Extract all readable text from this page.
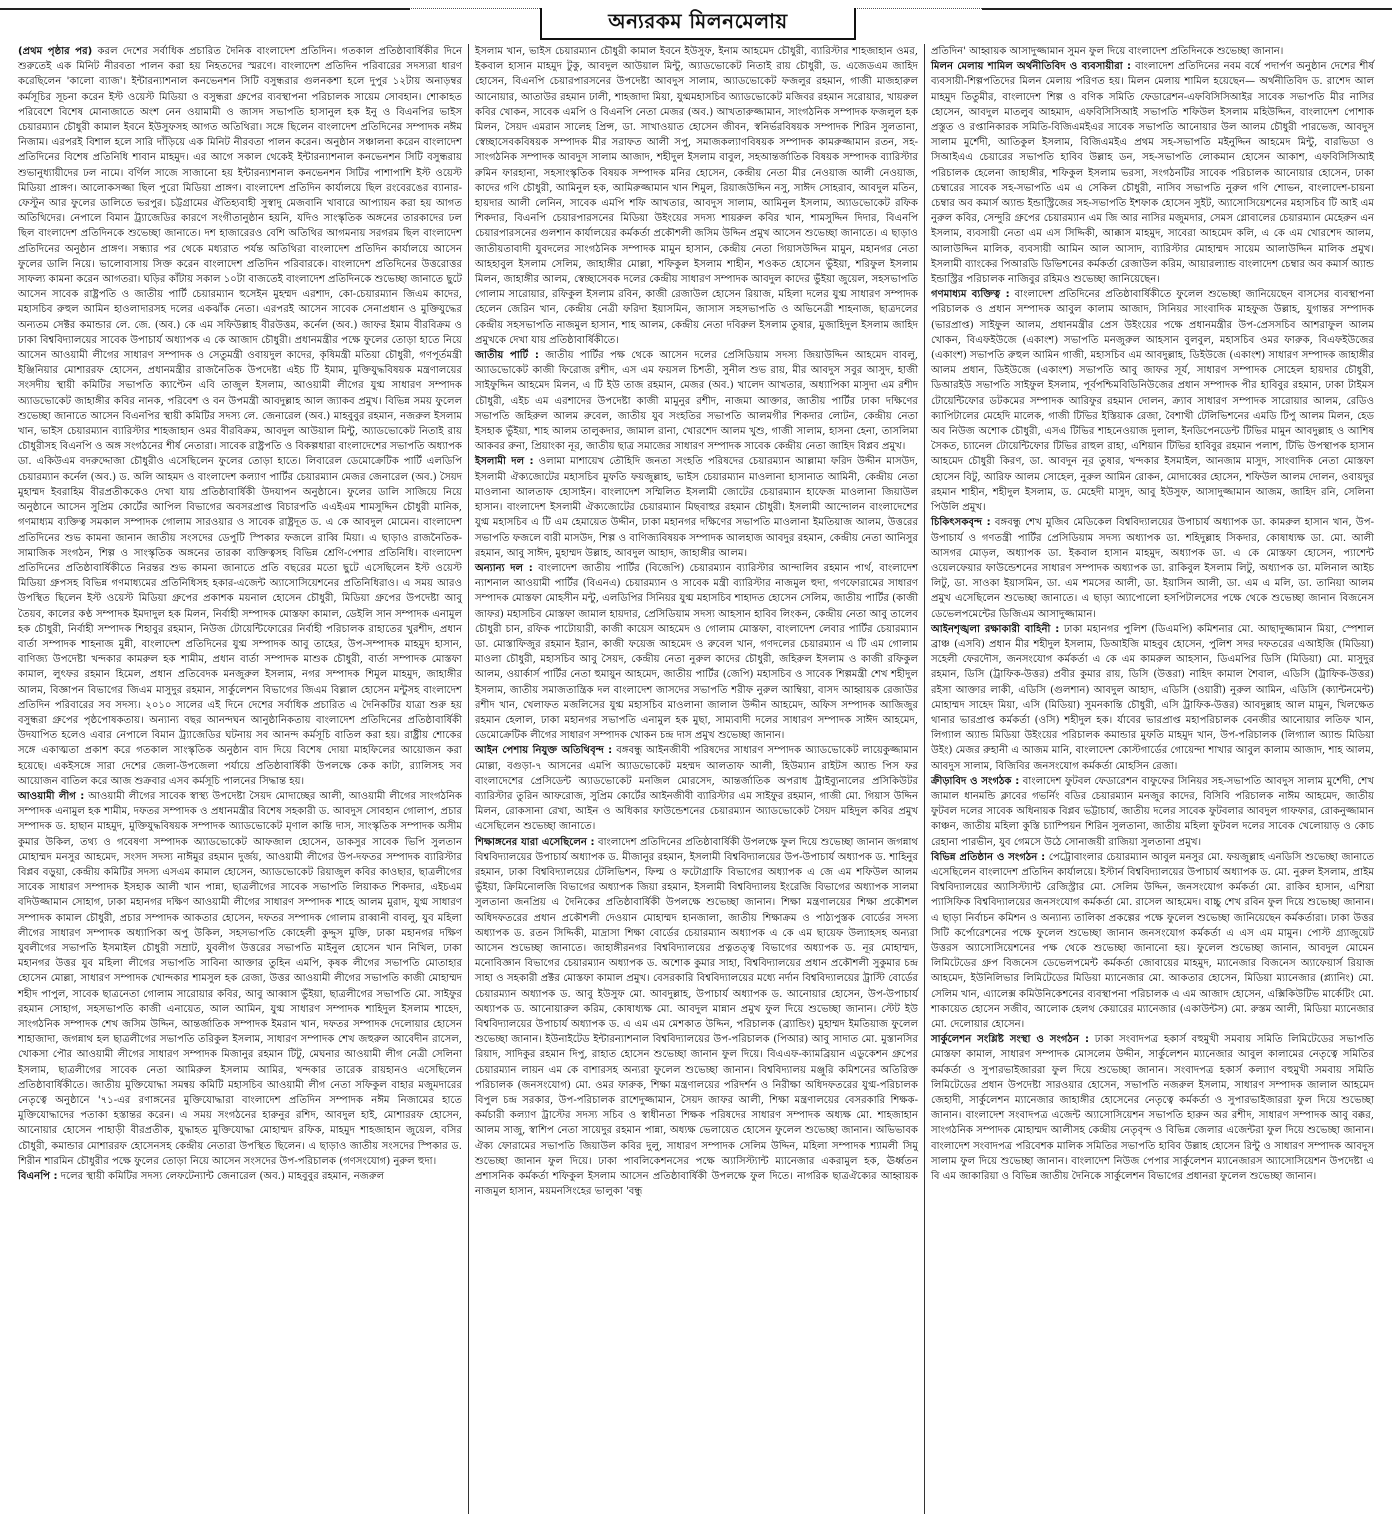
অন্যরকম মিলনমেলায়

(প্রথম পৃষ্ঠার পর) করল দেশের সর্বাধিক প্রচারিত দৈনিক বাংলাদেশ প্রতিদিন। গতকাল প্রতিষ্ঠাবার্ষিকীর দিনে শুরুতেই এক মিনিট নীরবতা পালন করা হয় নিহতদের স্মরণে। বাংলাদেশ প্রতিদিন পরিবারের সদস্যরা ধারণ করেছিলেন 'কালো ব্যাজ'। ইন্টারন্যাশনাল কনভেনশন সিটি বসুন্ধরার গুলনকশা হলে দুপুর ১২টায় অনাড়ম্বর কর্মসূচির সূচনা করেন ইস্ট ওয়েস্ট মিডিয়া ও বসুন্ধরা গ্রুপের ব্যবস্থাপনা পরিচালক সায়েম সোবহান। শোকাহত পরিবেশে বিশেষ মোনাজাতে অংশ নেন ওয়ামামী ও জাসদ সভাপতি হাসানুল হক ইনু ও বিএনপির ভাইস চেয়ারম্যান চৌধুরী কামাল ইবনে ইউসুফসহ আগত অতিথিরা। সঙ্গে ছিলেন বাংলাদেশ প্রতিদিনের সম্পাদক নঈম নিজাম। এরপরই বিশাল হলে সারি দাঁড়িয়ে এক মিনিট নীরবতা পালন করেন। অনুষ্ঠান সঞ্চালনা করেন বাংলাদেশ প্রতিদিনের বিশেষ প্রতিনিধি শাবান মাহমুদ। এর আগে সকাল থেকেই ইন্টারন্যাশনাল কনভেনশন সিটি বসুন্ধরায় শুভানুধ্যায়ীদের ঢল নামে। বর্ণিল সাজে সাজানো হয় ইন্টারন্যাশনাল কনভেনশন সিটির পাশাপাশি ইস্ট ওয়েস্ট মিডিয়া প্রাঙ্গণ। আলোকসজ্জা ছিল পুরো মিডিয়া প্রাঙ্গণ। বাংলাদেশ প্রতিদিন কার্যালয়ে ছিল রংবেরঙের ব্যানার-ফেস্টুন আর ফুলের ডালিতে ভরপুর। চট্টগ্রামের ঐতিহ্যবাহী সুস্বাদু মেজবানি খাবারে আপ্যায়ন করা হয় আগত অতিথিদের। নেপালে বিমান ট্র্যাজেডির কারণে সংগীতানুষ্ঠান হয়নি, যদিও সাংস্কৃতিক অঙ্গনের তারকাদের ঢল ছিল বাংলাদেশ প্রতিদিনকে শুভেচ্ছা জানাতে। দশ হাজারেরও বেশি অতিথির আগমনায় সরগরম ছিল বাংলাদেশ প্রতিদিনের অনুষ্ঠান প্রাঙ্গণ। সন্ধ্যার পর থেকে মধ্যরাত পর্যন্ত অতিথিরা বাংলাদেশ প্রতিদিন কার্যালয়ে আসেন ফুলের ডালি নিয়ে। ভালোবাসায় সিক্ত করেন বাংলাদেশ প্রতিদিন পরিবারকে। বাংলাদেশ প্রতিদিনের উত্তরোত্তর সাফল্য কামনা করেন আগতরা। ঘড়ির কাঁটায় সকাল ১০টা বাজতেই বাংলাদেশ প্রতিদিনকে শুভেচ্ছা জানাতে ছুটে আসেন সাবেক রাষ্ট্রপতি ও জাতীয় পার্টি চেয়ারম্যান হুসেইন মুহম্মদ এরশাদ, কো-চেয়ারম্যান জিএম কাদের, মহাসচিব রুহুল আমিন হাওলাদারসহ দলের একঝাঁক নেতা। এরপরই আসেন সাবেক সেনাপ্রধান ও মুক্তিযুদ্ধের অন্যতম সেক্টর কমান্ডার লে. জে. (অব.) কে এম সফিউল্লাহ বীরউত্তম, কর্নেল (অব.) জাফর ইমাম বীরবিক্রম ও ঢাকা বিশ্ববিদ্যালয়ের সাবেক উপাচার্য অধ্যাপক এ কে আজাদ চৌধুরী। প্রধানমন্ত্রীর পক্ষে ফুলের তোড়া হাতে নিয়ে আসেন আওয়ামী লীগের সাধারণ সম্পাদক ও সেতুমন্ত্রী ওবায়দুল কাদের, কৃষিমন্ত্রী মতিয়া চৌধুরী, গণপূর্তমন্ত্রী ইঞ্জিনিয়ার মোশাররফ হোসেন, প্রধানমন্ত্রীর রাজনৈতিক উপদেষ্টা এইচ টি ইমাম, মুক্তিযুদ্ধবিষয়ক মন্ত্রণালয়ের সংসদীয় স্থায়ী কমিটির সভাপতি ক্যাপ্টেন এবি তাজুল ইসলাম, আওয়ামী লীগের যুগ্ম সাধারণ সম্পাদক অ্যাডভোকেট জাহাঙ্গীর কবির নানক, পরিবেশ ও বন উপমন্ত্রী আবদুল্লাহ আল জ্যাকব প্রমুখ। বিভিন্ন সময় ফুলেল শুভেচ্ছা জানাতে আসেন বিএনপির স্থায়ী কমিটির সদস্য লে. জেনারেল (অব.) মাহবুবুর রহমান, নজরুল ইসলাম খান, ভাইস চেয়ারম্যান ব্যারিস্টার শাহজাহান ওমর বীরবিক্রম, আবদুল আউয়াল মিন্টু, অ্যাডভোকেট নিতাই রায় চৌধুরীসহ বিএনপি ও অঙ্গ সংগঠনের শীর্ষ নেতারা। সাবেক রাষ্ট্রপতি ও বিকল্পধারা বাংলাদেশের সভাপতি অধ্যাপক ডা. একিউএম বদরুদ্দোজা চৌধুরীও এসেছিলেন ফুলের তোড়া হাতে। লিবারেল ডেমোক্রেটিক পার্টি এলডিপি চেয়ারম্যান কর্নেল (অব.) ড. অলি আহমদ ও বাংলাদেশ কল্যাণ পার্টির চেয়ারম্যান মেজর জেনারেল (অব.) সৈয়দ মুহাম্মদ ইবরাহিম বীরপ্রতীককেও দেখা যায় প্রতিষ্ঠাবার্ষিকী উদযাপন অনুষ্ঠানে। ফুলের ডালি সাজিয়ে নিয়ে অনুষ্ঠানে আসেন সুপ্রিম কোর্টের আপিল বিভাগের অবসরপ্রাপ্ত বিচারপতি এএইএম শামসুদ্দিন চৌধুরী মানিক, গণমাধ্যম ব্যক্তিত্ব সমকাল সম্পাদক গোলাম সারওয়ার ও সাবেক রাষ্ট্রদূত ড. এ কে আবদুল মোমেন। বাংলাদেশ প্রতিদিনের শুভ কামনা জানান জাতীয় সংসদের ডেপুটি স্পিকার ফজলে রাব্বি মিয়া। এ ছাড়াও রাজনৈতিক-সামাজিক সংগঠন, শিল্প ও সাংস্কৃতিক অঙ্গনের তারকা ব্যক্তিত্বসহ বিভিন্ন শ্রেণি-পেশার প্রতিনিধি। বাংলাদেশ প্রতিদিনের প্রতিষ্ঠাবার্ষিকীতে নিরন্তর শুভ কামনা জানাতে প্রতি বছরের মতো ছুটে এসেছিলেন ইস্ট ওয়েস্ট মিডিয়া গ্রুপসহ বিভিন্ন গণমাধ্যমের প্রতিনিধিসহ হকার-এজেন্ট অ্যাসোসিয়েশনের প্রতিনিধিরাও। এ সময় আরও উপস্থিত ছিলেন ইস্ট ওয়েস্ট মিডিয়া গ্রুপের প্রকাশক ময়নাল হোসেন চৌধুরী, মিডিয়া গ্রুপের উপদেষ্টা আবু তৈয়ব, কালের কণ্ঠ সম্পাদক ইমদাদুল হক মিলন, নির্বাহী সম্পাদক মোস্তফা কামাল, ডেইলি সান সম্পাদক এনামুল হক চৌধুরী, নির্বাহী সম্পাদক শিহাবুর রহমান, নিউজ টোয়েন্টিফোরের নির্বাহী পরিচালক রাহাতের খুরশীদ, প্রধান বার্তা সম্পাদক শাহনাজ মুন্নী, বাংলাদেশ প্রতিদিনের যুগ্ম সম্পাদক আবু তাহের, উপ-সম্পাদক মাহমুদ হাসান, বাণিজ্য উপদেষ্টা খন্দকার কামরুল হক শামীম, প্রধান বার্তা সম্পাদক মাশুক চৌধুরী, বার্তা সম্পাদক মোস্তফা কামাল, লুৎফর রহমান হিমেল, প্রধান প্রতিবেদক মনজুরুল ইসলাম, নগর সম্পাদক শিমুল মাহমুদ, জাহাঙ্গীর আলম, বিজ্ঞাপন বিভাগের জিএম মাসুদুর রহমান, সার্কুলেশন বিভাগের জিএম বিল্লাল হোসেন মন্টুসহ বাংলাদেশ প্রতিদিন পরিবারের সব সদস্য। ২০১০ সালের এই দিনে দেশের সর্বাধিক প্রচারিত এ দৈনিকটির যাত্রা শুরু হয় বসুন্ধরা গ্রুপের পৃষ্ঠপোষকতায়। অন্যান্য বছর আনন্দঘন আনুষ্ঠানিকতায় বাংলাদেশ প্রতিদিনের প্রতিষ্ঠাবার্ষিকী উদযাপিত হলেও এবার নেপালে বিমান ট্র্যাজেডির ঘটনায় সব আনন্দ কর্মসূচি বাতিল করা হয়। রাষ্ট্রীয় শোকের সঙ্গে একাত্মতা প্রকাশ করে গতকাল সাংস্কৃতিক অনুষ্ঠান বাদ দিয়ে বিশেষ দোয়া মাহফিলের আয়োজন করা হয়েছে। একইসঙ্গে সারা দেশের জেলা-উপজেলা পর্যায়ে প্রতিষ্ঠাবার্ষিকী উপলক্ষে কেক কাটা, র‍্যালিসহ সব আয়োজন বাতিল করে আজ শুক্রবার এসব কর্মসূচি পালনের সিদ্ধান্ত হয়।

আওয়ামী লীগ : আওয়ামী লীগের সাবেক স্বাস্থ্য উপদেষ্টা সৈয়দ মোদাচ্ছের আলী, আওয়ামী লীগের সাংগঠনিক সম্পাদক এনামুল হক শামীম, দফতর সম্পাদক ও প্রধানমন্ত্রীর বিশেষ সহকারী ড. আবদুস সোবহান গোলাপ, প্রচার সম্পাদক ড. হাছান মাহমুদ, মুক্তিযুদ্ধবিষয়ক সম্পাদক অ্যাডভোকেট মৃণাল কান্তি দাস, সাংস্কৃতিক সম্পাদক অসীম কুমার উকিল, তথ্য ও গবেষণা সম্পাদক অ্যাডভোকেট আফজাল হোসেন, ডাকসুর সাবেক ভিপি সুলতান মোহাম্মদ মনসুর আহমেদ, সংসদ সদস্য নাঈমুর রহমান দুর্জয়, আওয়ামী লীগের উপ-দফতর সম্পাদক ব্যারিস্টার বিপ্লব বড়ুয়া, কেন্দ্রীয় কমিটির সদস্য এসএম কামাল হোসেন, অ্যাডভোকেট রিয়াজুল কবির কাওছার, ছাত্রলীগের সাবেক সাধারণ সম্পাদক ইসহাক আলী খান পান্না, ছাত্রলীগের সাবেক সভাপতি লিয়াকত শিকদার, এইচএম বদিউজ্জামান সোহাগ, ঢাকা মহানগর দক্ষিণ আওয়ামী লীগের সাধারণ সম্পাদক শাহে আলম মুরাদ, যুগ্ম সাধারণ সম্পাদক কামাল চৌধুরী, প্রচার সম্পাদক আকতার হোসেন, দফতর সম্পাদক গোলাম রাব্বানী বাবলু, যুব মহিলা লীগের সাধারণ সম্পাদক অধ্যাপিকা অপু উকিল, সহসভাপতি কোহেলী কুদ্দুস মুক্তি, ঢাকা মহানগর দক্ষিণ যুবলীগের সভাপতি ইসমাইল চৌধুরী সম্রাট, যুবলীগ উত্তরের সভাপতি মাইনুল হোসেন খান নিখিল, ঢাকা মহানগর উত্তর যুব মহিলা লীগের সভাপতি সাবিনা আক্তার তুহিন এমপি, কৃষক লীগের সভাপতি মোতাহার হোসেন মোল্লা, সাধারণ সম্পাদক খোন্দকার শামসুল হক রেজা, উত্তর আওয়ামী লীগের সভাপতি কাজী মোহাম্মদ শহীদ পাপুল, সাবেক ছাত্রনেতা গোলাম সারোয়ার কবির, আবু আব্বাস ভুঁইয়া, ছাত্রলীগের সভাপতি মো. সাইফুর রহমান সোহাগ, সহসভাপতি কাজী এনায়েত, আল আমিন, যুগ্ম সাধারণ সম্পাদক শাহিদুল ইসলাম শাহেদ, সাংগঠনিক সম্পাদক শেখ জসিম উদ্দিন, আন্তর্জাতিক সম্পাদক ইমরান খান, দফতর সম্পাদক দেলোয়ার হোসেন শাহাজাদা, জগন্নাথ হল ছাত্রলীগের সভাপতি তরিকুল ইসলাম, সাধারণ সম্পাদক শেখ জহুরুল আবেদীন রাসেল, খোকসা পৌর আওয়ামী লীগের সাধারণ সম্পাদক মিজানুর রহমান টিটু, মেঘনার আওয়ামী লীগ নেত্রী সেলিনা ইসলাম, ছাত্রলীগের সাবেক নেতা আমিরুল ইসলাম আমির, খন্দকার তারেক রায়হানও এসেছিলেন প্রতিষ্ঠাবার্ষিকীতে। জাতীয় মুক্তিযোদ্ধা সমন্বয় কমিটি মহাসচিব আওয়ামী লীগ নেতা সফিকুল বাহার মজুমদারের নেতৃত্বে অনুষ্ঠানে '৭১-এর রণাঙ্গনের মুক্তিযোদ্ধারা বাংলাদেশ প্রতিদিন সম্পাদক নঈম নিজামের হাতে মুক্তিযোদ্ধাদের পতাকা হস্তান্তর করেন। এ সময় সংগঠনের হারুনুর রশিদ, আবদুল হাই, মোশাররফ হোসেন, আনোয়ার হোসেন পাহাড়ী বীরপ্রতীক, যুদ্ধাহত মুক্তিযোদ্ধা মোহাম্মদ রফিক, মাহমুদ শাহজাহান জুয়েল, বসির চৌধুরী, কমান্ডার মোশাররফ হোসেনসহ কেন্দ্রীয় নেতারা উপস্থিত ছিলেন। এ ছাড়াও জাতীয় সংসদের স্পিকার ড. শিরীন শারমিন চৌধুরীর পক্ষে ফুলের তোড়া নিয়ে আসেন সংসদের উপ-পরিচালক (গণসংযোগ) নুরুল হুদা।

বিএনপি : দলের স্থায়ী কমিটির সদস্য লেফটেন্যান্ট জেনারেল (অব.) মাহবুবুর রহমান, নজরুল

ইসলাম খান, ভাইস চেয়ারম্যান চৌধুরী কামাল ইবনে ইউসুফ, ইনাম আহমেদ চৌধুরী, ব্যারিস্টার শাহজাহান ওমর, ইকবাল হাসান মাহমুদ টুকু, আবদুল আউয়াল মিন্টু, অ্যাডভোকেট নিতাই রায় চৌধুরী, ড. এজেডএম জাহিদ হোসেন, বিএনপি চেয়ারপারসনের উপদেষ্টা আবদুস সালাম, অ্যাডভোকেট ফজলুর রহমান, গাজী মাজহারুল আনোয়ার, আতাউর রহমান ঢালী, শাহজাদা মিয়া, যুগ্মমহাসচিব অ্যাডভোকেট মজিবর রহমান সরোয়ার, খায়রুল কবির খোকন, সাবেক এমপি ও বিএনপি নেতা মেজর (অব.) আখতারুজ্জামান, সাংগঠনিক সম্পাদক ফজলুল হক মিলন, সৈয়দ এমরান সালেহ প্রিন্স, ডা. সাখাওয়াত হোসেন জীবন, স্বনির্ভরবিষয়ক সম্পাদক শিরিন সুলতানা, স্বেচ্ছাসেবকবিষয়ক সম্পাদক মীর সরাফত আলী সপু, সমাজকল্যাণবিষয়ক সম্পাদক কামরুজ্জামান রতন, সহ-সাংগঠনিক সম্পাদক আবদুস সালাম আজাদ, শহীদুল ইসলাম বাবুল, সহআন্তর্জাতিক বিষয়ক সম্পাদক ব্যারিস্টার রুমিন ফারহানা, সহসাংস্কৃতিক বিষয়ক সম্পাদক মনির হোসেন, কেন্দ্রীয় নেতা মীর নেওয়াজ আলী নেওয়াজ, কাদের গণি চৌধুরী, আমিনুল হক, আমিরুজ্জামান খান শিমুল, রিয়াজউদ্দিন নসু, সাঈদ সোহরাব, আবদুল মতিন, হায়দার আলী লেনিন, সাবেক এমপি শফি আখতার, আবদুস সালাম, আমিনুল ইসলাম, অ্যাডভোকেট রফিক শিকদার, বিএনপি চেয়ারপারসনের মিডিয়া উইংয়ের সদস্য শায়রুল কবির খান, শামসুদ্দিন দিদার, বিএনপি চেয়ারপারসনের গুলশান কার্যালয়ের কর্মকর্তা প্রকৌশলী জসিম উদ্দিন প্রমুখ আসেন শুভেচ্ছা জানাতে। এ ছাড়াও জাতীয়তাবাদী যুবদলের সাংগঠনিক সম্পাদক মামুন হাসান, কেন্দ্রীয় নেতা গিয়াসউদ্দিন মামুন, মহানগর নেতা আহহাবুল ইসলাম সেলিম, জাহাঙ্গীর মোল্লা, শফিকুল ইসলাম শাহীন, শওকত হোসেন ভুঁইয়া, শরিফুল ইসলাম মিলন, জাহাঙ্গীর আলম, স্বেচ্ছাসেবক দলের কেন্দ্রীয় সাধারণ সম্পাদক আবদুল কাদের ভুঁইয়া জুয়েল, সহসভাপতি গোলাম সারোয়ার, রফিকুল ইসলাম রবিন, কাজী রেজাউল হোসেন রিয়াজ, মহিলা দলের যুগ্ম সাধারণ সম্পাদক হেলেন জেরিন খান, কেন্দ্রীয় নেত্রী ফরিদা ইয়াসমিন, জাসাস সহসভাপতি ও অভিনেত্রী শাহনাজ, ছাত্রদলের কেন্দ্রীয় সহসভাপতি নাজমুল হাসান, শাহ আলম, কেন্দ্রীয় নেতা দবিরুল ইসলাম তুষার, মুজাহিদুল ইসলাম জাহিদ প্রমুখকে দেখা যায় প্রতিষ্ঠাবার্ষিকীতে।

জাতীয় পার্টি : জাতীয় পার্টির পক্ষ থেকে আসেন দলের প্রেসিডিয়াম সদস্য জিয়াউদ্দিন আহমেদ বাবলু, অ্যাডভোকেট কাজী ফিরোজ রশীদ, এস এম ফয়সল চিশতী, সুনীল শুভ রায়, মীর আবদুস সবুর আসুদ, হাজী সাইফুদ্দিন আহমেদ মিলন, এ টি ইউ তাজ রহমান, মেজর (অব.) খালেদ আখতার, অধ্যাপিকা মাসুদা এম রশীদ চৌধুরী, এইচ এম এরশাদের উপদেষ্টা কাজী মামুনুর রশীদ, নাজমা আক্তার, জাতীয় পার্টির ঢাকা দক্ষিণের সভাপতি জহিরুল আলম রুবেল, জাতীয় যুব সংহতির সভাপতি আলমগীর শিকদার লোটন, কেন্দ্রীয় নেতা ইসহাক ভুঁইয়া, শাহ আলম তালুকদার, জামাল রানা, খোরশেদ আলম খুশু, গাজী সালাম, হাসনা হেনা, তাসলিমা আকবর রুনা, প্রিয়াংকা নূর, জাতীয় ছাত্র সমাজের সাধারণ সম্পাদক সাবেক কেন্দ্রীয় নেতা জাহিদ বিপ্লব প্রমুখ।

ইসলামী দল : ওলামা মাশায়েখ তৌহিদি জনতা সংহতি পরিষদের চেয়ারম্যান আল্লামা ফরিদ উদ্দীন মাসউদ, ইসলামী ঐক্যজোটের মহাসচিব মুফতি ফয়জুল্লাহ, ভাইস চেয়ারম্যান মাওলানা হাসানাত আমিনী, কেন্দ্রীয় নেতা মাওলানা আলতাফ হোসাইন। বাংলাদেশ সম্মিলিত ইসলামী জোটের চেয়ারম্যান হাফেজ মাওলানা জিয়াউল হাসান। বাংলাদেশ ইসলামী ঐক্যজোটের চেয়ারম্যান মিছবাহুর রহমান চৌধুরী। ইসলামী আন্দোলন বাংলাদেশের যুগ্ম মহাসচিব এ টি এম হেমায়েত উদ্দীন, ঢাকা মহানগর দক্ষিণের সভাপতি মাওলানা ইমতিয়াজ আলম, উত্তরের সভাপতি ফজলে বারী মাসউদ, শিল্প ও বাণিজ্যবিষয়ক সম্পাদক আলহাজ আবদুর রহমান, কেন্দ্রীয় নেতা আনিসুর রহমান, আবু সাঈদ, মুহাম্মদ উল্লাহ, আবদুল আহাদ, জাহাঙ্গীর আলম।

অন্যান্য দল : বাংলাদেশ জাতীয় পার্টির (বিজেপি) চেয়ারম্যান ব্যারিস্টার আন্দালিব রহমান পার্থ, বাংলাদেশ ন্যাশনাল আওয়ামী পার্টির (বিএনএ) চেয়ারম্যান ও সাবেক মন্ত্রী ব্যারিস্টার নাজমুল হুদা, গণফোরামের সাধারণ সম্পাদক মোস্তফা মোহসীন মন্টু, এলডিপির সিনিয়র যুগ্ম মহাসচিব শাহাদত হোসেন সেলিম, জাতীয় পার্টির (কাজী জাফর) মহাসচিব মোস্তফা জামাল হায়দার, প্রেসিডিয়াম সদস্য আহসান হাবিব লিংকন, কেন্দ্রীয় নেতা আবু তালেব চৌধুরী চান, রফিক পাটোয়ারী, কাজী কায়েস আহমেদ ও গোলাম মোস্তফা, বাংলাদেশ লেবার পার্টির চেয়ারম্যান ডা. মোস্তাফিজুর রহমান ইরান, কাজী ফয়েজ আহমেদ ও রুবেল খান, গণদলের চেয়ারম্যান এ টি এম গোলাম মাওলা চৌধুরী, মহাসচিব আবু সৈয়দ, কেন্দ্রীয় নেতা নুরুল কাদের চৌধুরী, জহিরুল ইসলাম ও কাজী রফিকুল আলম, ওয়ার্কার্স পার্টির নেতা হুমায়ুন আহমেদ, জাতীয় পার্টির (জেপি) মহাসচিব ও সাবেক শিল্পমন্ত্রী শেখ শহীদুল ইসলাম, জাতীয় সমাজতান্ত্রিক দল বাংলাদেশ জাসদের সভাপতি শরীফ নুরুল আম্বিয়া, বাসদ আহ্বায়ক রেজাউর রশীদ খান, খেলাফত মজলিসের যুগ্ম মহাসচিব মাওলানা জালাল উদ্দীন আহমেদ, অফিস সম্পাদক আজিজুর রহমান হেলাল, ঢাকা মহানগর সভাপতি এনামুল হক মুছা, সাম্যবাদী দলের সাধারণ সম্পাদক সাঈদ আহমেদ, ডেমোক্রেটিক লীগের সাধারণ সম্পাদক খোকন চন্দ্র দাস প্রমুখ শুভেচ্ছা জানান।

আইন পেশায় নিযুক্ত অতিথিবৃন্দ : বঙ্গবন্ধু আইনজীবী পরিষদের সাধারণ সম্পাদক অ্যাডভোকেট লায়েকুজ্জামান মোল্লা, বগুড়া-৭ আসনের এমপি অ্যাডভোকেট মহম্মদ আলতাফ আলী, হিউম্যান রাইটস অ্যান্ড পিস ফর বাংলাদেশের প্রেসিডেন্ট অ্যাডভোকেট মনজিল মোরসেদ, আন্তর্জাতিক অপরাধ ট্রাইব্যুনালের প্রসিকিউটর ব্যারিস্টার তুরিন আফরোজ, সুপ্রিম কোর্টের আইনজীবী ব্যারিস্টার এম সাইফুর রহমান, গাজী মো. গিয়াস উদ্দিন মিলন, রোকসানা রেখা, আইন ও অধিকার ফাউন্ডেশনের চেয়ারম্যান অ্যাডভোকেট সৈয়দ মহিদুল কবির প্রমুখ এসেছিলেন শুভেচ্ছা জানাতে।

শিক্ষাঙ্গনের যারা এসেছিলেন : বাংলাদেশ প্রতিদিনের প্রতিষ্ঠাবার্ষিকী উপলক্ষে ফুল দিয়ে শুভেচ্ছা জানান জগন্নাথ বিশ্ববিদ্যালয়ের উপাচার্য অধ্যাপক ড. মীজানুর রহমান, ইসলামী বিশ্ববিদ্যালয়ের উপ-উপাচার্য অধ্যাপক ড. শাহিনুর রহমান, ঢাকা বিশ্ববিদ্যালয়ের টেলিভিশন, ফিল্ম ও ফটোগ্রাফি বিভাগের অধ্যাপক এ জে এম শফিউল আলম ভুঁইয়া, ক্রিমিনোলজি বিভাগের অধ্যাপক জিয়া রহমান, ইসলামী বিশ্ববিদ্যালয় ইংরেজি বিভাগের অধ্যাপক সালমা সুলতানা জনপ্রিয় এ দৈনিকের প্রতিষ্ঠাবার্ষিকী উপলক্ষে শুভেচ্ছা জানান। শিক্ষা মন্ত্রণালয়ের শিক্ষা প্রকৌশল অধিদফতরের প্রধান প্রকৌশলী দেওয়ান মোহাম্মদ হানজালা, জাতীয় শিক্ষাক্রম ও পাঠ্যপুস্তক বোর্ডের সদস্য অধ্যাপক ড. রতন সিদ্দিকী, মাদ্রাসা শিক্ষা বোর্ডের চেয়ারম্যান অধ্যাপক এ কে এম ছায়েফ উল্যাহসহ অন্যরা আসেন শুভেচ্ছা জানাতে। জাহাঙ্গীরনগর বিশ্ববিদ্যালয়ের প্রত্নতত্ত্ব বিভাগের অধ্যাপক ড. নূর মোহাম্মদ, মনোবিজ্ঞান বিভাগের চেয়ারম্যান অধ্যাপক ড. অশোক কুমার সাহা, বিশ্ববিদ্যালয়ের প্রধান প্রকৌশলী সুকুমার চন্দ্র সাহা ও সহকারী প্রক্টর মোস্তফা কামাল প্রমুখ। বেসরকারি বিশ্ববিদ্যালয়ের মধ্যে নর্দান বিশ্ববিদ্যালয়ের ট্রাস্টি বোর্ডের চেয়ারম্যান অধ্যাপক ড. আবু ইউসুফ মো. আবদুল্লাহ, উপাচার্য অধ্যাপক ড. আনোয়ার হোসেন, উপ-উপাচার্য অধ্যাপক ড. আনোয়ারুল করিম, কোষাধ্যক্ষ মো. আবদুল মান্নান প্রমুখ ফুল দিয়ে শুভেচ্ছা জানান। স্টেট ইউ বিশ্ববিদ্যালয়ের উপাচার্য অধ্যাপক ড. এ এম এম মেশকাত উদ্দিন, পরিচালক (ব্র্যান্ডিং) মুহাম্মদ ইমতিয়াজ ফুলেল শুভেচ্ছা জানান। ইউনাইটেড ইন্টারন্যাশনাল বিশ্ববিদ্যালয়ের উপ-পরিচালক (পিআর) আবু সাদাত মো. মুস্তানসির রিয়াদ, সাদিকুর রহমান দিপু, রাহাত হোসেন শুভেচ্ছা জানান ফুল দিয়ে। বিএএফ-ক্যামব্রিয়ান এডুকেশন গ্রুপের চেয়ারম্যান লায়ন এম কে বাশারসহ অন্যরা ফুলেল শুভেচ্ছা জানান। বিশ্ববিদ্যালয় মঞ্জুরি কমিশনের অতিরিক্ত পরিচালক (জনসংযোগ) মো. ওমর ফারুক, শিক্ষা মন্ত্রণালয়ের পরিদর্শন ও নিরীক্ষা অধিদফতরের যুগ্ম-পরিচালক বিপুল চন্দ্র সরকার, উপ-পরিচালক রাশেদুজ্জামান, সৈয়দ জাফর আলী, শিক্ষা মন্ত্রণালয়ের বেসরকারি শিক্ষক-কর্মচারী কল্যাণ ট্রাস্টের সদস্য সচিব ও স্বাধীনতা শিক্ষক পরিষদের সাধারণ সম্পাদক অধ্যক্ষ মো. শাহজাহান আলম সাজু, স্বাশিপ নেতা সায়েদুর রহমান পান্না, অধ্যক্ষ ভেলায়েত হোসেন ফুলেল শুভেচ্ছা জানান। অভিভাবক ঐক্য ফোরামের সভাপতি জিয়াউল কবির দুলু, সাধারণ সম্পাদক সেলিম উদ্দিন, মহিলা সম্পাদক শ্যামলী সিমু শুভেচ্ছা জানান ফুল দিয়ে। ঢাকা পাবলিকেশনসের পক্ষে অ্যাসিস্ট্যান্ট ম্যানেজার একরামুল হক, ঊর্ধ্বতন প্রশাসনিক কর্মকর্তা শফিকুল ইসলাম আসেন প্রতিষ্ঠাবার্ষিকী উপলক্ষে ফুল দিতে। নাগরিক ছাত্রঐক্যের আহ্বায়ক নাজমুল হাসান, ময়মনসিংহের ভালুকা 'বন্ধু

প্রতিদিন' আহ্বায়ক আসাদুজ্জামান সুমন ফুল দিয়ে বাংলাদেশ প্রতিদিনকে শুভেচ্ছা জানান।

মিলন মেলায় শামিল অর্থনীতিবিদ ও ব্যবসায়ীরা : বাংলাদেশ প্রতিদিনের নবম বর্ষে পদার্পণ অনুষ্ঠান দেশের শীর্ষ ব্যবসায়ী-শিল্পপতিদের মিলন মেলায় পরিণত হয়। মিলন মেলায় শামিল হয়েছেন— অর্থনীতিবিদ ড. রাশেদ আল মাহমুদ তিতুমীর, বাংলাদেশ শিল্প ও বণিক সমিতি ফেডারেশন-এফবিসিসিআইর সাবেক সভাপতি মীর নাসির হোসেন, আবদুল মাতলুব আহমাদ, এফবিসিসিআই সভাপতি শফিউল ইসলাম মহিউদ্দিন, বাংলাদেশ পোশাক প্রস্তুত ও রপ্তানিকারক সমিতি-বিজিএমইএর সাবেক সভাপতি আনোয়ার উল আলম চৌধুরী পারভেজ, আবদুস সালাম মুর্শেদী, আতিকুল ইসলাম, বিজিএমইএ প্রথম সহ-সভাপতি মইনুদ্দিন আহমেদ মিন্টু, বারভিডা ও সিআইএএ চেয়ারের সভাপতি হাবিব উল্লাহ ডন, সহ-সভাপতি লোকমান হোসেন আকাশ, এফবিসিসিআই পরিচালক হেলেনা জাহাঙ্গীর, শফিকুল ইসলাম ভরসা, সংগঠনটির সাবেক পরিচালক আনোয়ার হোসেন, ঢাকা চেম্বারের সাবেক সহ-সভাপতি এম এ সেকিল চৌধুরী, নাসিব সভাপতি নুরুল গণি শোভন, বাংলাদেশ-চায়না চেম্বার অব কমার্স অ্যান্ড ইন্ডাস্ট্রিজের সহ-সভাপতি ইশফাক হোসেন সুইট, অ্যাসোসিয়েশনের মহাসচিব টি আই এম নুরুল কবির, সেন্দুরি গ্রুপের চেয়ারম্যান এম জি আর নাসির মজুমদার, সেমস গ্লোবালের চেয়ারম্যান মেহেরুন এন ইসলাম, ব্যবসায়ী নেতা এম এস সিদ্দিকী, আক্কাস মাহমুদ, সাবেরা আহমেদ কলি, এ কে এম খোরশেদ আলম, আলাউদ্দিন মালিক, ব্যবসায়ী আমিন আল আসাদ, ব্যারিস্টার মোহাম্মদ সায়েম আলাউদ্দিন মালিক প্রমুখ। ইসলামী ব্যাংকের পিআরডি ডিভিশনের কর্মকর্তা রেজাউল করিম, আয়ারল্যান্ড বাংলাদেশ চেম্বার অব কমার্স অ্যান্ড ইন্ডাস্ট্রির পরিচালক নাজিবুর রহিমও শুভেচ্ছা জানিয়েছেন।

গণমাধ্যম ব্যক্তিত্ব : বাংলাদেশ প্রতিদিনের প্রতিষ্ঠাবার্ষিকীতে ফুলেল শুভেচ্ছা জানিয়েছেন বাসসের ব্যবস্থাপনা পরিচালক ও প্রধান সম্পাদক আবুল কালাম আজাদ, সিনিয়র সাংবাদিক মাহফুজ উল্লাহ, যুগান্তর সম্পাদক (ভারপ্রাপ্ত) সাইফুল আলম, প্রধানমন্ত্রীর প্রেস উইংয়ের পক্ষে প্রধানমন্ত্রীর উপ-প্রেসসচিব আশরাফুল আলম খোকন, বিএফইউজে (একাংশ) সভাপতি মনজুরুল আহসান বুলবুল, মহাসচিব ওমর ফারুক, বিএফইউজের (একাংশ) সভাপতি রুহুল আমিন গাজী, মহাসচিব এম আবদুল্লাহ, ডিইউজে (একাংশ) সাধারণ সম্পাদক জাহাঙ্গীর আলম প্রধান, ডিইউজে (একাংশ) সভাপতি আবু জাফর সূর্য, সাধারণ সম্পাদক সোহেল হায়দার চৌধুরী, ডিআরইউ সভাপতি সাইফুল ইসলাম, পূর্বপশ্চিমবিডিনিউজের প্রধান সম্পাদক পীর হাবিবুর রহমান, ঢাকা টাইমস টোয়েন্টিফোর ডটকমের সম্পাদক আরিফুর রহমান দোলন, ক্র্যাব সাধারণ সম্পাদক সারোয়ার আলম, রেডিও ক্যাপিটালের মেহেদি মালেক, গাজী টিভির ইস্তিয়াক রেজা, বৈশাখী টেলিভিশনের এমডি টিপু আলম মিলন, হেড অব নিউজ অশোক চৌধুরী, এসএ টিভির শাহনেওয়াজ দুলাল, ইনডিপেনডেন্ট টিভির মামুন আবদুল্লাহ ও আশিষ সৈকত, চ্যানেল টোয়েন্টিফোর টিভির রাহুল রাহা, এশিয়ান টিভির হাবিবুর রহমান পলাশ, টিভি উপস্থাপক হাসান আহমেদ চৌধুরী কিরণ, ডা. আবদুন নূর তুষার, খন্দকার ইসমাইল, আনজাম মাসুদ, সাংবাদিক নেতা মোস্তফা হোসেন বিটু, আরিফ আলম সোহেল, নুরুল আমিন রোকন, মোদাব্বের হোসেন, শফিউল আলম দোলন, ওবায়দুর রহমান শাহীন, শহীদুল ইসলাম, ড. মেহেদী মাসুদ, আবু ইউসুফ, আসাদুজ্জামান আজম, জাহিদ রনি, সেলিনা পিউলি প্রমুখ।

চিকিৎসকবৃন্দ : বঙ্গবন্ধু শেখ মুজিব মেডিকেল বিশ্ববিদ্যালয়ের উপাচার্য অধ্যাপক ডা. কামরুল হাসান খান, উপ-উপাচার্য ও গণতন্ত্রী পার্টির প্রেসিডিয়াম সদস্য অধ্যাপক ডা. শহিদুল্লাহ সিকদার, কোষাধ্যক্ষ ডা. মো. আলী আসগর মোড়ল, অধ্যাপক ডা. ইকবাল হাসান মাহমুদ, অধ্যাপক ডা. এ কে মোস্তফা হোসেন, প্যাশেন্ট ওয়েলফেয়ার ফাউন্ডেশনের সাধারণ সম্পাদক অধ্যাপক ডা. রাকিবুল ইসলাম লিটু, অধ্যাপক ডা. মলিনাল আইচ লিটু, ডা. সাওকা ইয়াসমিন, ডা. এম শমসের আলী, ডা. ইয়াসিন আলী, ডা. এম এ মলি, ডা. তানিয়া আলম প্রমুখ এসেছিলেন শুভেচ্ছা জানাতে। এ ছাড়া অ্যাপোলো হসপিটালসের পক্ষে থেকে শুভেচ্ছা জানান বিজনেস ডেভেলপমেন্টের ডিজিএম আসাদুজ্জামান।

আইনশৃঙ্খলা রক্ষাকারী বাহিনী : ঢাকা মহানগর পুলিশ (ডিএমপি) কমিশনার মো. আছাদুজ্জামান মিয়া, স্পেশাল ব্রাঞ্চ (এসবি) প্রধান মীর শহীদুল ইসলাম, ডিআইজি মাহবুব হোসেন, পুলিশ সদর দফতরের এআইজি (মিডিয়া) সহেলী ফেরদৌস, জনসংযোগ কর্মকর্তা এ কে এম কামরুল আহসান, ডিএমপির ডিসি (মিডিয়া) মো. মাসুদুর রহমান, ডিসি (ট্রাফিক-উত্তর) প্রবীর কুমার রায়, ডিসি (উত্তরা) নাহিদ কামাল শৈবাল, এডিসি (ট্রাফিক-উত্তর) রইসা আক্তার লাকী, এডিসি (গুলশান) আবদুল আহাদ, এডিসি (ওয়ারী) নুরুল আমিন, এডিসি (ক্যান্টনমেন্ট) মোহাম্মদ সাহেদ মিয়া, এসি (মিডিয়া) সুমনকান্তি চৌধুরী, এসি ট্রাফিক-উত্তর) আবদুল্লাহ আল মামুন, খিলক্ষেত থানার ভারপ্রাপ্ত কর্মকর্তা (ওসি) শহীদুল হক। র্যাবের ভারপ্রাপ্ত মহাপরিচালক বেনজীর আনোয়ার লতিফ খান, লিগ্যাল অ্যান্ড মিডিয়া উইংয়ের পরিচালক কমান্ডার মুফতি মাহমুদ খান, উপ-পরিচালক (লিগ্যাল অ্যান্ড মিডিয়া উইং) মেজর রুহানী এ আজম মানি, বাংলাদেশ কোস্টগার্ডের গোয়েন্দা শাখার আবুল কালাম আজাদ, শাহ আলম, আবদুস সালাম, বিজিবির জনসংযোগ কর্মকর্তা মোহসিন রেজা।

ক্রীড়াবিদ ও সংগঠক : বাংলাদেশ ফুটবল ফেডারেশন বাফুফের সিনিয়র সহ-সভাপতি আবদুস সালাম মুর্শেদী, শেখ জামাল ধানমন্ডি ক্লাবের গভর্নিং বডির চেয়ারম্যান মনজুর কাদের, বিসিবি পরিচালক নাঈম আহমেদ, জাতীয় ফুটবল দলের সাবেক অধিনায়ক বিপ্লব ভট্টাচার্য, জাতীয় দলের সাবেক ফুটবলার আবদুল গাফফার, রোকনুজ্জামান কাঞ্চন, জাতীয় মহিলা কুস্তি চ্যাম্পিয়ন শিরিন সুলতানা, জাতীয় মহিলা ফুটবল দলের সাবেক খেলোয়াড় ও কোচ রেহানা পারভীন, যুব গেমসে উঠে সোনাজয়ী রাজিয়া সুলতানা প্রমুখ।

বিভিন্ন প্রতিষ্ঠান ও সংগঠন : পেট্রোবাংলার চেয়ারম্যান আবুল মনসুর মো. ফয়জুল্লাহ এনডিসি শুভেচ্ছা জানাতে এসেছিলেন বাংলাদেশ প্রতিদিন কার্যালয়ে। ইস্টার্ন বিশ্ববিদ্যালয়ের উপাচার্য অধ্যাপক ড. মো. নুরুল ইসলাম, প্রাইম বিশ্ববিদ্যালয়ের অ্যাসিস্ট্যান্ট রেজিস্ট্রার মো. সেলিম উদ্দিন, জনসংযোগ কর্মকর্তা মো. রাকিব হাসান, এশিয়া প্যাসিফিক বিশ্ববিদ্যালয়ের জনসংযোগ কর্মকর্তা মো. রাসেল আহমেদ। বাচ্চু শেখ রবিন ফুল দিয়ে শুভেচ্ছা জানান। এ ছাড়া নির্বাচন কমিশন ও অন্যান্য তালিকা প্রকল্পের পক্ষে ফুলেল শুভেচ্ছা জানিয়েছেন কর্মকর্তারা। ঢাকা উত্তর সিটি কর্পোরেশনের পক্ষে ফুলেল শুভেচ্ছা জানান জনসংযোগ কর্মকর্তা এ এস এম মামুন। পোস্ট গ্র্যাজুয়েট উত্তরস অ্যাসোসিয়েশনের পক্ষ থেকে শুভেচ্ছা জানানো হয়। ফুলেল শুভেচ্ছা জানান, আবদুল মোমেন লিমিটেডের গ্রুপ বিজনেস ডেভেলপমেন্ট কর্মকর্তা জোবায়ের মাহমুদ, ম্যানেজার বিজনেস অ্যাফেয়ার্স রিয়াজ আহমেদ, ইউনিলিভার লিমিটেডের মিডিয়া ম্যানেজার মো. আকতার হোসেন, মিডিয়া ম্যানেজার (প্ল্যানিং) মো. সেলিম খান, এ্যালেক্স কমিউনিকেশনের ব্যবস্থাপনা পরিচালক এ এম আজাদ হোসেন, এক্সিকিউটিভ মার্কেটিং মো. শাকায়েত হোসেন সজীব, আলোক হেলথ কেয়ারের ম্যানেজার (একাউন্টস) মো. রুস্তম আলী, মিডিয়া ম্যানেজার মো. দেলোয়ার হোসেন।

সার্কুলেশন সংশ্লিষ্ট সংস্থা ও সংগঠন : ঢাকা সংবাদপত্র হকার্স বহুমুখী সমবায় সমিতি লিমিটেডের সভাপতি মোস্তফা কামাল, সাধারণ সম্পাদক মোসলেম উদ্দীন, সার্কুলেশন ম্যানেজার আবুল কালামের নেতৃত্বে সমিতির কর্মকর্তা ও সুপারভাইজাররা ফুল দিয়ে শুভেচ্ছা জানান। সংবাদপত্র হকার্স কল্যাণ বহুমুখী সমবায় সমিতি লিমিটেডের প্রধান উপদেষ্টা সারওয়ার হোসেন, সভাপতি নজরুল ইসলাম, সাধারণ সম্পাদক জালাল আহমেদ জেহাদী, সার্কুলেশন ম্যানেজার জাহাঙ্গীর হোসেনের নেতৃত্বে কর্মকর্তা ও সুপারভাইজাররা ফুল দিয়ে শুভেচ্ছা জানান। বাংলাদেশ সংবাদপত্র এজেন্ট অ্যাসোসিয়েশন সভাপতি হারুন অর রশীদ, সাধারণ সম্পাদক আবু বক্কর, সাংগঠনিক সম্পাদক মোহাম্মদ আলীসহ কেন্দ্রীয় নেতৃবৃন্দ ও বিভিন্ন জেলার এজেন্টরা ফুল দিয়ে শুভেচ্ছা জানান। বাংলাদেশ সংবাদপত্র পরিবেশক মালিক সমিতির সভাপতি হাবিব উল্লাহ হোসেন রিন্টু ও সাধারণ সম্পাদক আবদুস সালাম ফুল দিয়ে শুভেচ্ছা জানান। বাংলাদেশ নিউজ পেপার সার্কুলেশন ম্যানেজারস অ্যাসোসিয়েশন উপদেষ্টা এ বি এম জাকারিয়া ও বিভিন্ন জাতীয় দৈনিকে সার্কুলেশন বিভাগের প্রধানরা ফুলেল শুভেচ্ছা জানান।
